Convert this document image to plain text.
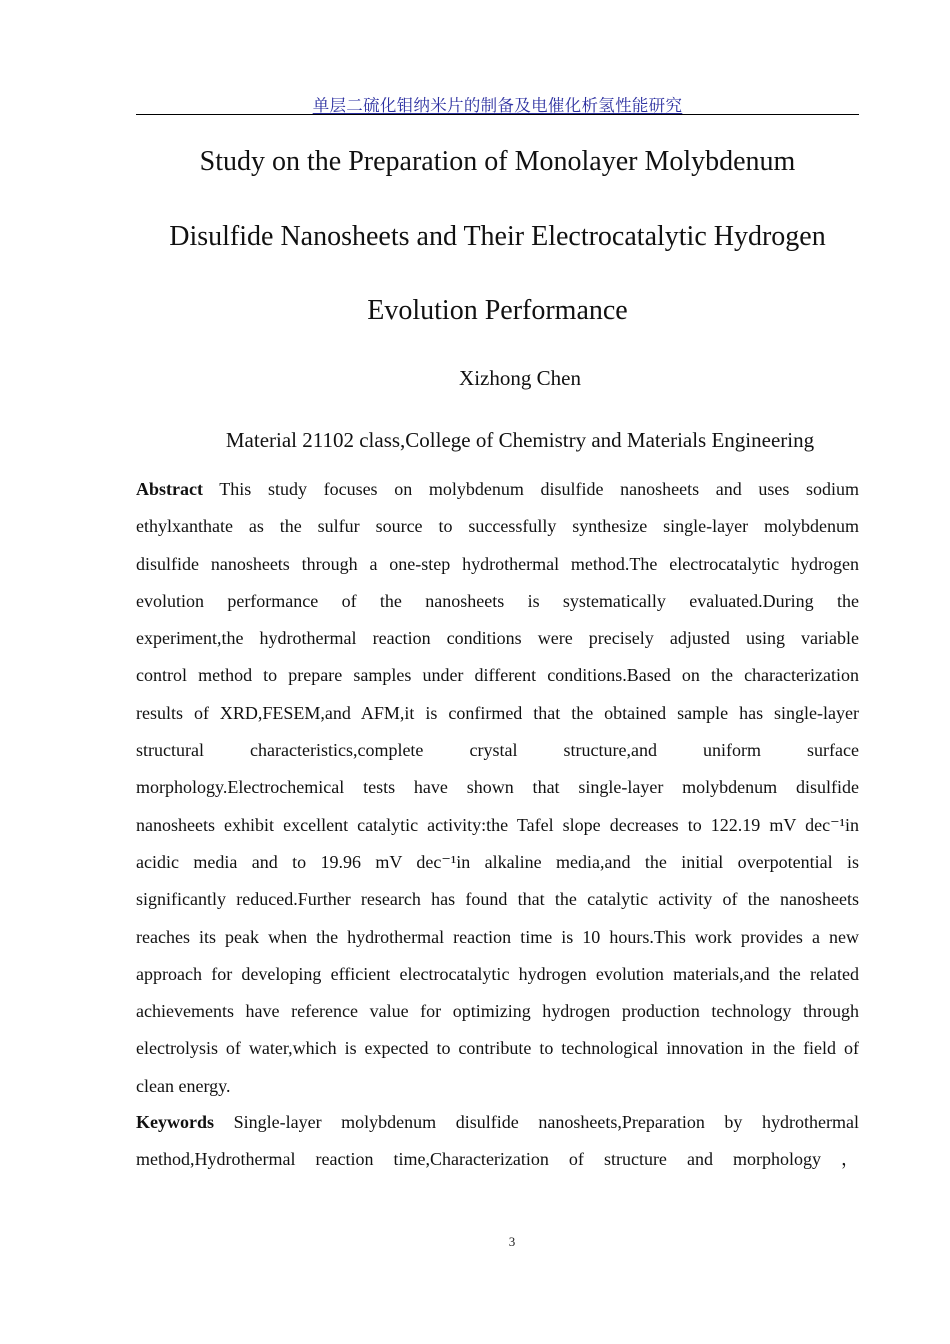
单层二硫化钼纳米片的制备及电催化析氢性能研究
Study on the Preparation of Monolayer Molybdenum
Disulfide Nanosheets and Their Electrocatalytic Hydrogen
Evolution Performance
Xizhong Chen
Material 21102 class,College of Chemistry and Materials Engineering
Abstract This study focuses on molybdenum disulfide nanosheets and uses sodium
ethylxanthate as the sulfur source to successfully synthesize single-layer molybdenum
disulfide nanosheets through a one-step hydrothermal method.The electrocatalytic hydrogen
evolution performance of the nanosheets is systematically evaluated.During the
experiment,the hydrothermal reaction conditions were precisely adjusted using variable
control method to prepare samples under different conditions.Based on the characterization
results of XRD,FESEM,and AFM,it is confirmed that the obtained sample has single-layer
structural characteristics,complete crystal structure,and uniform surface
morphology.Electrochemical tests have shown that single-layer molybdenum disulfide
nanosheets exhibit excellent catalytic activity:the Tafel slope decreases to 122.19 mV dec⁻¹in
acidic media and to 19.96 mV dec⁻¹in alkaline media,and the initial overpotential is
significantly reduced.Further research has found that the catalytic activity of the nanosheets
reaches its peak when the hydrothermal reaction time is 10 hours.This work provides a new
approach for developing efficient electrocatalytic hydrogen evolution materials,and the related
achievements have reference value for optimizing hydrogen production technology through
electrolysis of water,which is expected to contribute to technological innovation in the field of
clean energy.
Keywords Single-layer molybdenum disulfide nanosheets,Preparation by hydrothermal
method,Hydrothermal reaction time,Characterization of structure and morphology ，
3
